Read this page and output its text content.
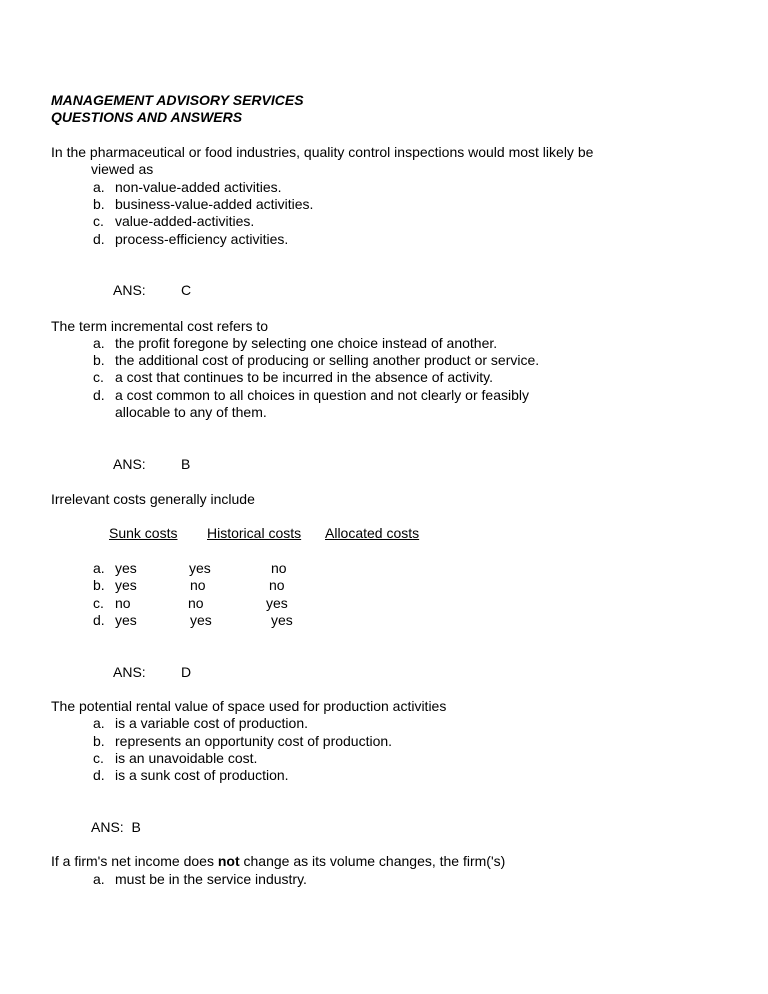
MANAGEMENT ADVISORY SERVICES
QUESTIONS AND ANSWERS
In the pharmaceutical or food industries, quality control inspections would most likely be
viewed as
a. non-value-added activities.
b. business-value-added activities.
c. value-added-activities.
d. process-efficiency activities.
ANS:	C
The term incremental cost refers to
a. the profit foregone by selecting one choice instead of another.
b. the additional cost of producing or selling another product or service.
c. a cost that continues to be incurred in the absence of activity.
d. a cost common to all choices in question and not clearly or feasibly
allocable to any of them.
ANS:	B
Irrelevant costs generally include
Sunk costs Historical costs Allocated costs
a. yes	yes	no
b. yes	no	no
c. no	no	yes
d. yes	yes	yes
ANS:	D
The potential rental value of space used for production activities
a. is a variable cost of production.
b. represents an opportunity cost of production.
c. is an unavoidable cost.
d. is a sunk cost of production.
ANS:  B
If a firm's net income does not change as its volume changes, the firm('s)
a. must be in the service industry.
